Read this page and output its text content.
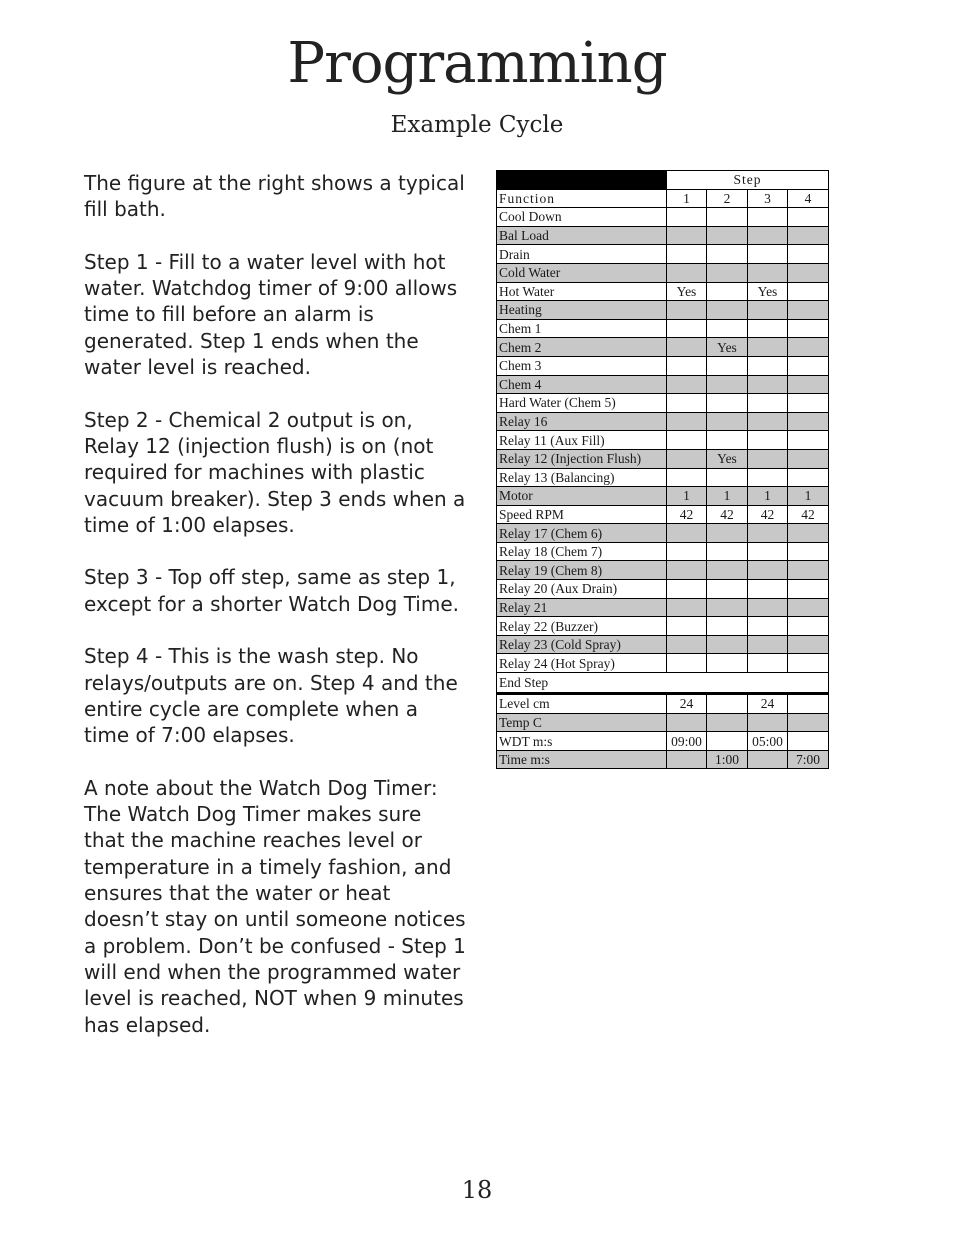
Programming
Example Cycle

The figure at the right shows a typical fill bath.

Step 1 - Fill to a water level with hot water. Watchdog timer of 9:00 allows time to fill before an alarm is generated. Step 1 ends when the water level is reached.

Step 2 - Chemical 2 output is on, Relay 12 (injection flush) is on (not required for machines with plastic vacuum breaker). Step 3 ends when a time of 1:00 elapses.

Step 3 - Top off step, same as step 1, except for a shorter Watch Dog Time.

Step 4 - This is the wash step. No relays/outputs are on. Step 4 and the entire cycle are complete when a time of 7:00 elapses.

A note about the Watch Dog Timer: The Watch Dog Timer makes sure that the machine reaches level or temperature in a timely fashion, and ensures that the water or heat doesn’t stay on until someone notices a problem. Don’t be confused - Step 1 will end when the programmed water level is reached, NOT when 9 minutes has elapsed.

	Step			
Function	1	2	3	4
Cool Down				
Bal Load				
Drain				
Cold Water				
Hot Water	Yes		Yes	
Heating				
Chem 1				
Chem 2		Yes		
Chem 3				
Chem 4				
Hard Water (Chem 5)				
Relay 16				
Relay 11 (Aux Fill)				
Relay 12 (Injection Flush)		Yes		
Relay 13 (Balancing)				
Motor	1	1	1	1
Speed RPM	42	42	42	42
Relay 17 (Chem 6)				
Relay 18 (Chem 7)				
Relay 19 (Chem 8)				
Relay 20 (Aux Drain)				
Relay 21				
Relay 22 (Buzzer)				
Relay 23 (Cold Spray)				
Relay 24 (Hot Spray)				
End Step				
Level cm	24		24	
Temp C				
WDT m:s	09:00		05:00	
Time m:s		1:00		7:00
18
